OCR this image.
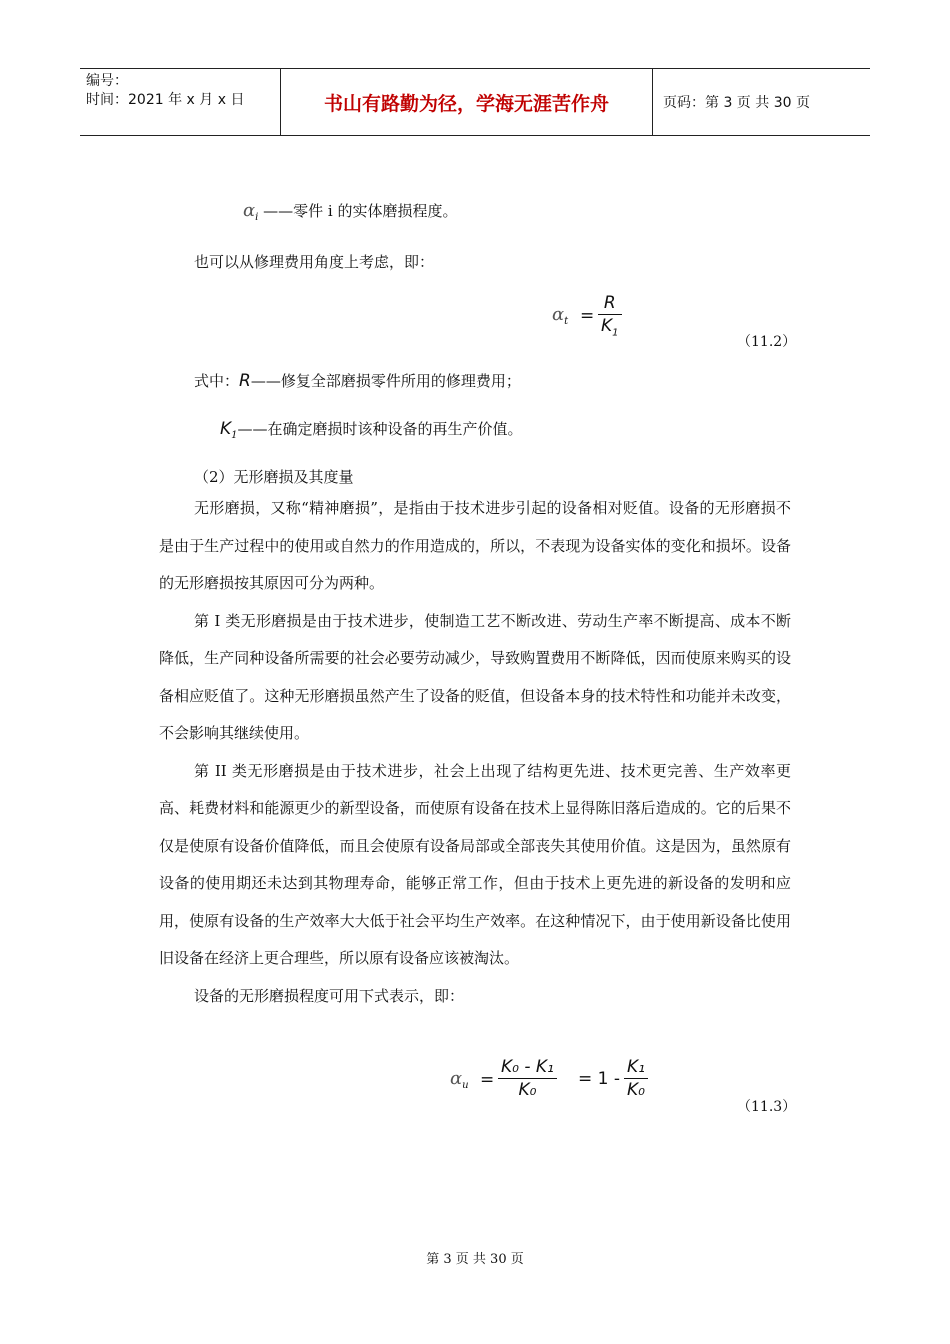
编号：
时间：2021 年 x 月 x 日	书山有路勤为径，学海无涯苦作舟	页码：第 3 页 共 30 页
$\alpha_i$ ——零件 i 的实体磨损程度。
也可以从修理费用角度上考虑，即：
$\alpha_t$ =
R
$K_1$
（11.2）
式中：R——修复全部磨损零件所用的修理费用；
$K_1——$在确定磨损时该种设备的再生产价值。
（2）无形磨损及其度量

无形磨损，又称“精神磨损”，是指由于技术进步引起的设备相对贬值。设备的无形磨损不是由于生产过程中的使用或自然力的作用造成的，所以，不表现为设备实体的变化和损坏。设备的无形磨损按其原因可分为两种。

第 I 类无形磨损是由于技术进步，使制造工艺不断改进、劳动生产率不断提高、成本不断降低，生产同种设备所需要的社会必要劳动减少，导致购置费用不断降低，因而使原来购买的设备相应贬值了。这种无形磨损虽然产生了设备的贬值，但设备本身的技术特性和功能并未改变，不会影响其继续使用。

第 II 类无形磨损是由于技术进步，社会上出现了结构更先进、技术更完善、生产效率更高、耗费材料和能源更少的新型设备，而使原有设备在技术上显得陈旧落后造成的。它的后果不仅是使原有设备价值降低，而且会使原有设备局部或全部丧失其使用价值。这是因为，虽然原有设备的使用期还未达到其物理寿命，能够正常工作，但由于技术上更先进的新设备的发明和应用，使原有设备的生产效率大大低于社会平均生产效率。在这种情况下，由于使用新设备比使用旧设备在经济上更合理些，所以原有设备应该被淘汰。

设备的无形磨损程度可用下式表示，即：

$\alpha_u$ =
K₀ - K₁
K₀
= 1 -
K₁
K₀
（11.3）
第 3 页 共 30 页
